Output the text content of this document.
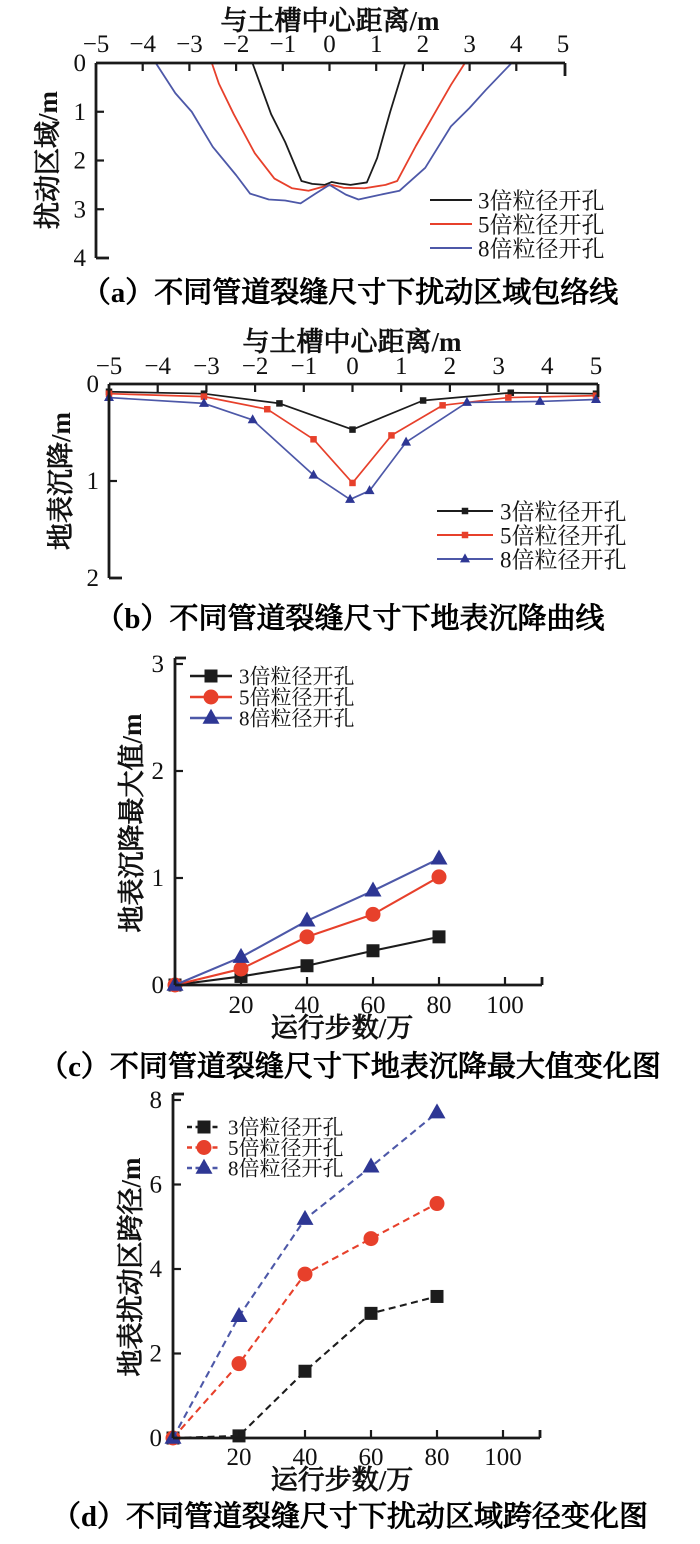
−5 −4 −3 −2 −1 0 1 2 3 4 5
0
1
2
3
4
与土槽中心距离/m
扰动区域/m	3倍粒径开孔
5倍粒径开孔
8倍粒径开孔
−5 −4 −3 −2 −1 0 1 2 3 4 5
0
1
2
与土槽中心距离/m
地表沉降/m	3倍粒径开孔
5倍粒径开孔
8倍粒径开孔
20 40 60 80 100
0
1
2
3
运行步数/万
地表沉降最大值/m
3倍粒径开孔
5倍粒径开孔
8倍粒径开孔
20 40 60 80 100
0
2
4
6
8
运行步数/万
地表扰动区跨径/m
3倍粒径开孔
5倍粒径开孔
8倍粒径开孔
（a）不同管道裂缝尺寸下扰动区域包络线
（b）不同管道裂缝尺寸下地表沉降曲线
（c）不同管道裂缝尺寸下地表沉降最大值变化图
（d）不同管道裂缝尺寸下扰动区域跨径变化图
